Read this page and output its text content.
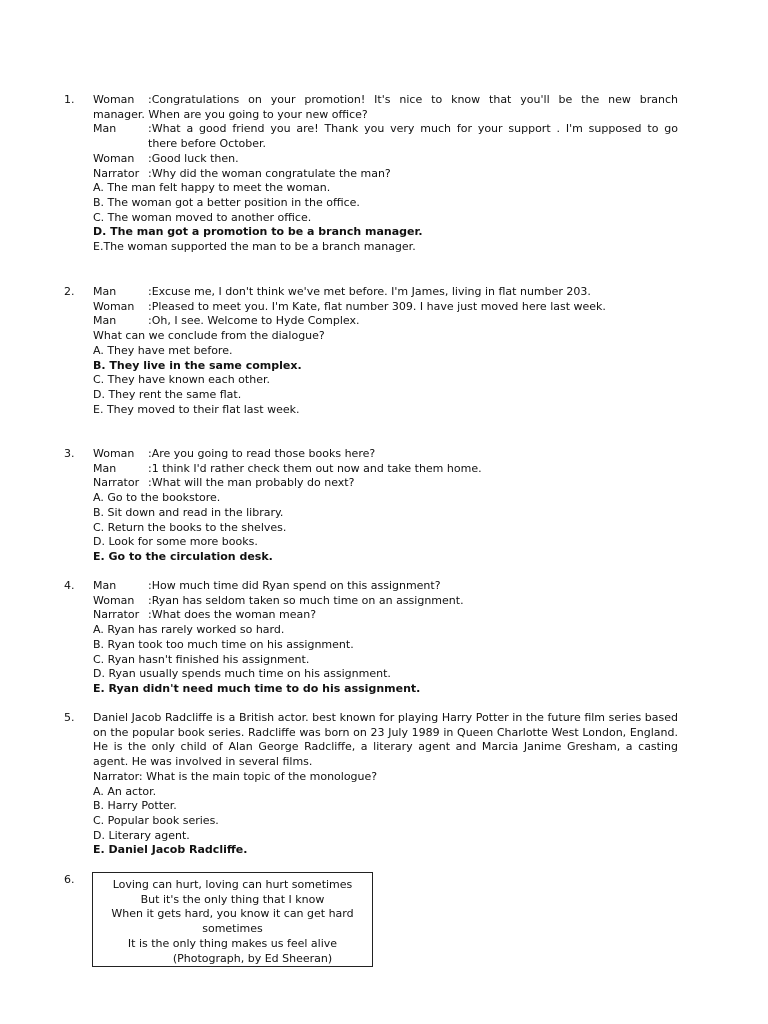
1.	Woman	: Congratulations on your promotion! It's nice to know that you'll be the new branch
manager. When are you going to your new office?
Man	: What a good friend you are! Thank you very much for your support . I'm supposed to go
there before October.
Woman	: Good luck then.
Narrator : Why did the woman congratulate the man?
A. The man felt happy to meet the woman.
B. The woman got a better position in the office.
C. The woman moved to another office.
D. The man got a promotion to be a branch manager.
E.The woman supported the man to be a branch manager.
2.	Man	: Excuse me, I don't think we've met before. I'm James, living in flat number 203.
Woman	: Pleased to meet you. I'm Kate, flat number 309. I have just moved here last week.
Man	: Oh, I see. Welcome to Hyde Complex.
What can we conclude from the dialogue?
A. They have met before.
B. They live in the same complex.
C. They have known each other.
D. They rent the same flat.
E. They moved to their flat last week.
3.	Woman	: Are you going to read those books here?
Man	: 1 think I'd rather check them out now and take them home.
Narrator : What will the man probably do next?
A. Go to the bookstore.
B. Sit down and read in the library.
C. Return the books to the shelves.
D. Look for some more books.
E. Go to the circulation desk.
4.	Man	: How much time did Ryan spend on this assignment?
Woman	: Ryan has seldom taken so much time on an assignment.
Narrator : What does the woman mean?
A. Ryan has rarely worked so hard.
B. Ryan took too much time on his assignment.
C. Ryan hasn't finished his assignment.
D. Ryan usually spends much time on his assignment.
E. Ryan didn't need much time to do his assignment.
5.	Daniel Jacob Radcliffe is a British actor. best known for playing Harry Potter in the future film series based on the popular book series. Radcliffe was born on 23 July 1989 in Queen Charlotte West London, England. He is the only child of Alan George Radcliffe, a literary agent and Marcia Janime Gresham, a casting agent. He was involved in several films.
Narrator: What is the main topic of the monologue?
A. An actor.
B. Harry Potter.
C. Popular book series.
D. Literary agent.
E. Daniel Jacob Radcliffe.
6.	Loving can hurt, loving can hurt sometimes
But it's the only thing that I know
When it gets hard, you know it can get hard
sometimes
It is the only thing makes us feel alive
(Photograph, by Ed Sheeran)
